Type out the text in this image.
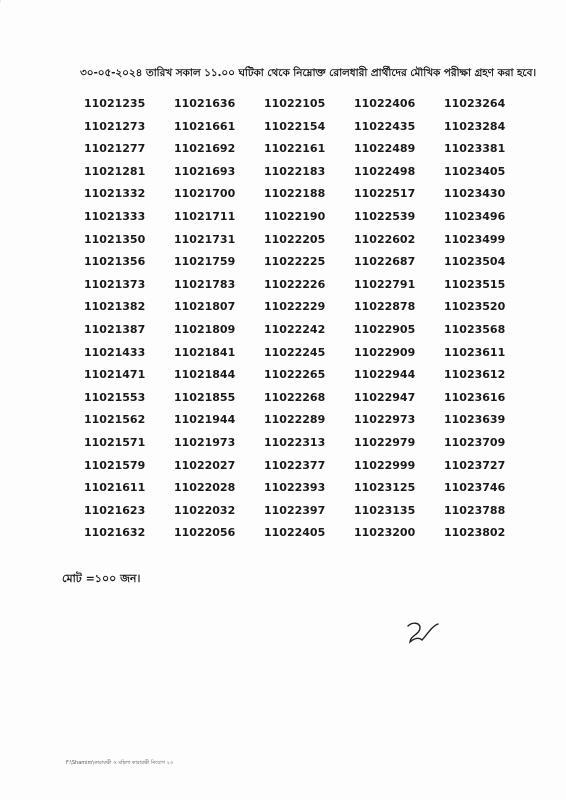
৩০-০৫-২০২৪ তারিখ সকাল ১১.০০ ঘটিকা থেকে নিম্নোক্ত রোলধারী প্রার্থীদের মৌখিক পরীক্ষা গ্রহণ করা হবে।
11021235
11021273
11021277
11021281
11021332
11021333
11021350
11021356
11021373
11021382
11021387
11021433
11021471
11021553
11021562
11021571
11021579
11021611
11021623
11021632
11021636
11021661
11021692
11021693
11021700
11021711
11021731
11021759
11021783
11021807
11021809
11021841
11021844
11021855
11021944
11021973
11022027
11022028
11022032
11022056
11022105
11022154
11022161
11022183
11022188
11022190
11022205
11022225
11022226
11022229
11022242
11022245
11022265
11022268
11022289
11022313
11022377
11022393
11022397
11022405
11022406
11022435
11022489
11022498
11022517
11022539
11022602
11022687
11022791
11022878
11022905
11022909
11022944
11022947
11022973
11022979
11022999
11023125
11023135
11023200
11023264
11023284
11023381
11023405
11023430
11023496
11023499
11023504
11023515
11023520
11023568
11023611
11023612
11023616
11023639
11023709
11023727
11023746
11023788
11023802
মোট =১০০ জন।
F:\Shamim\কারারক্ষী ও মহিলা কারারক্ষী নিয়োগ ২৩
